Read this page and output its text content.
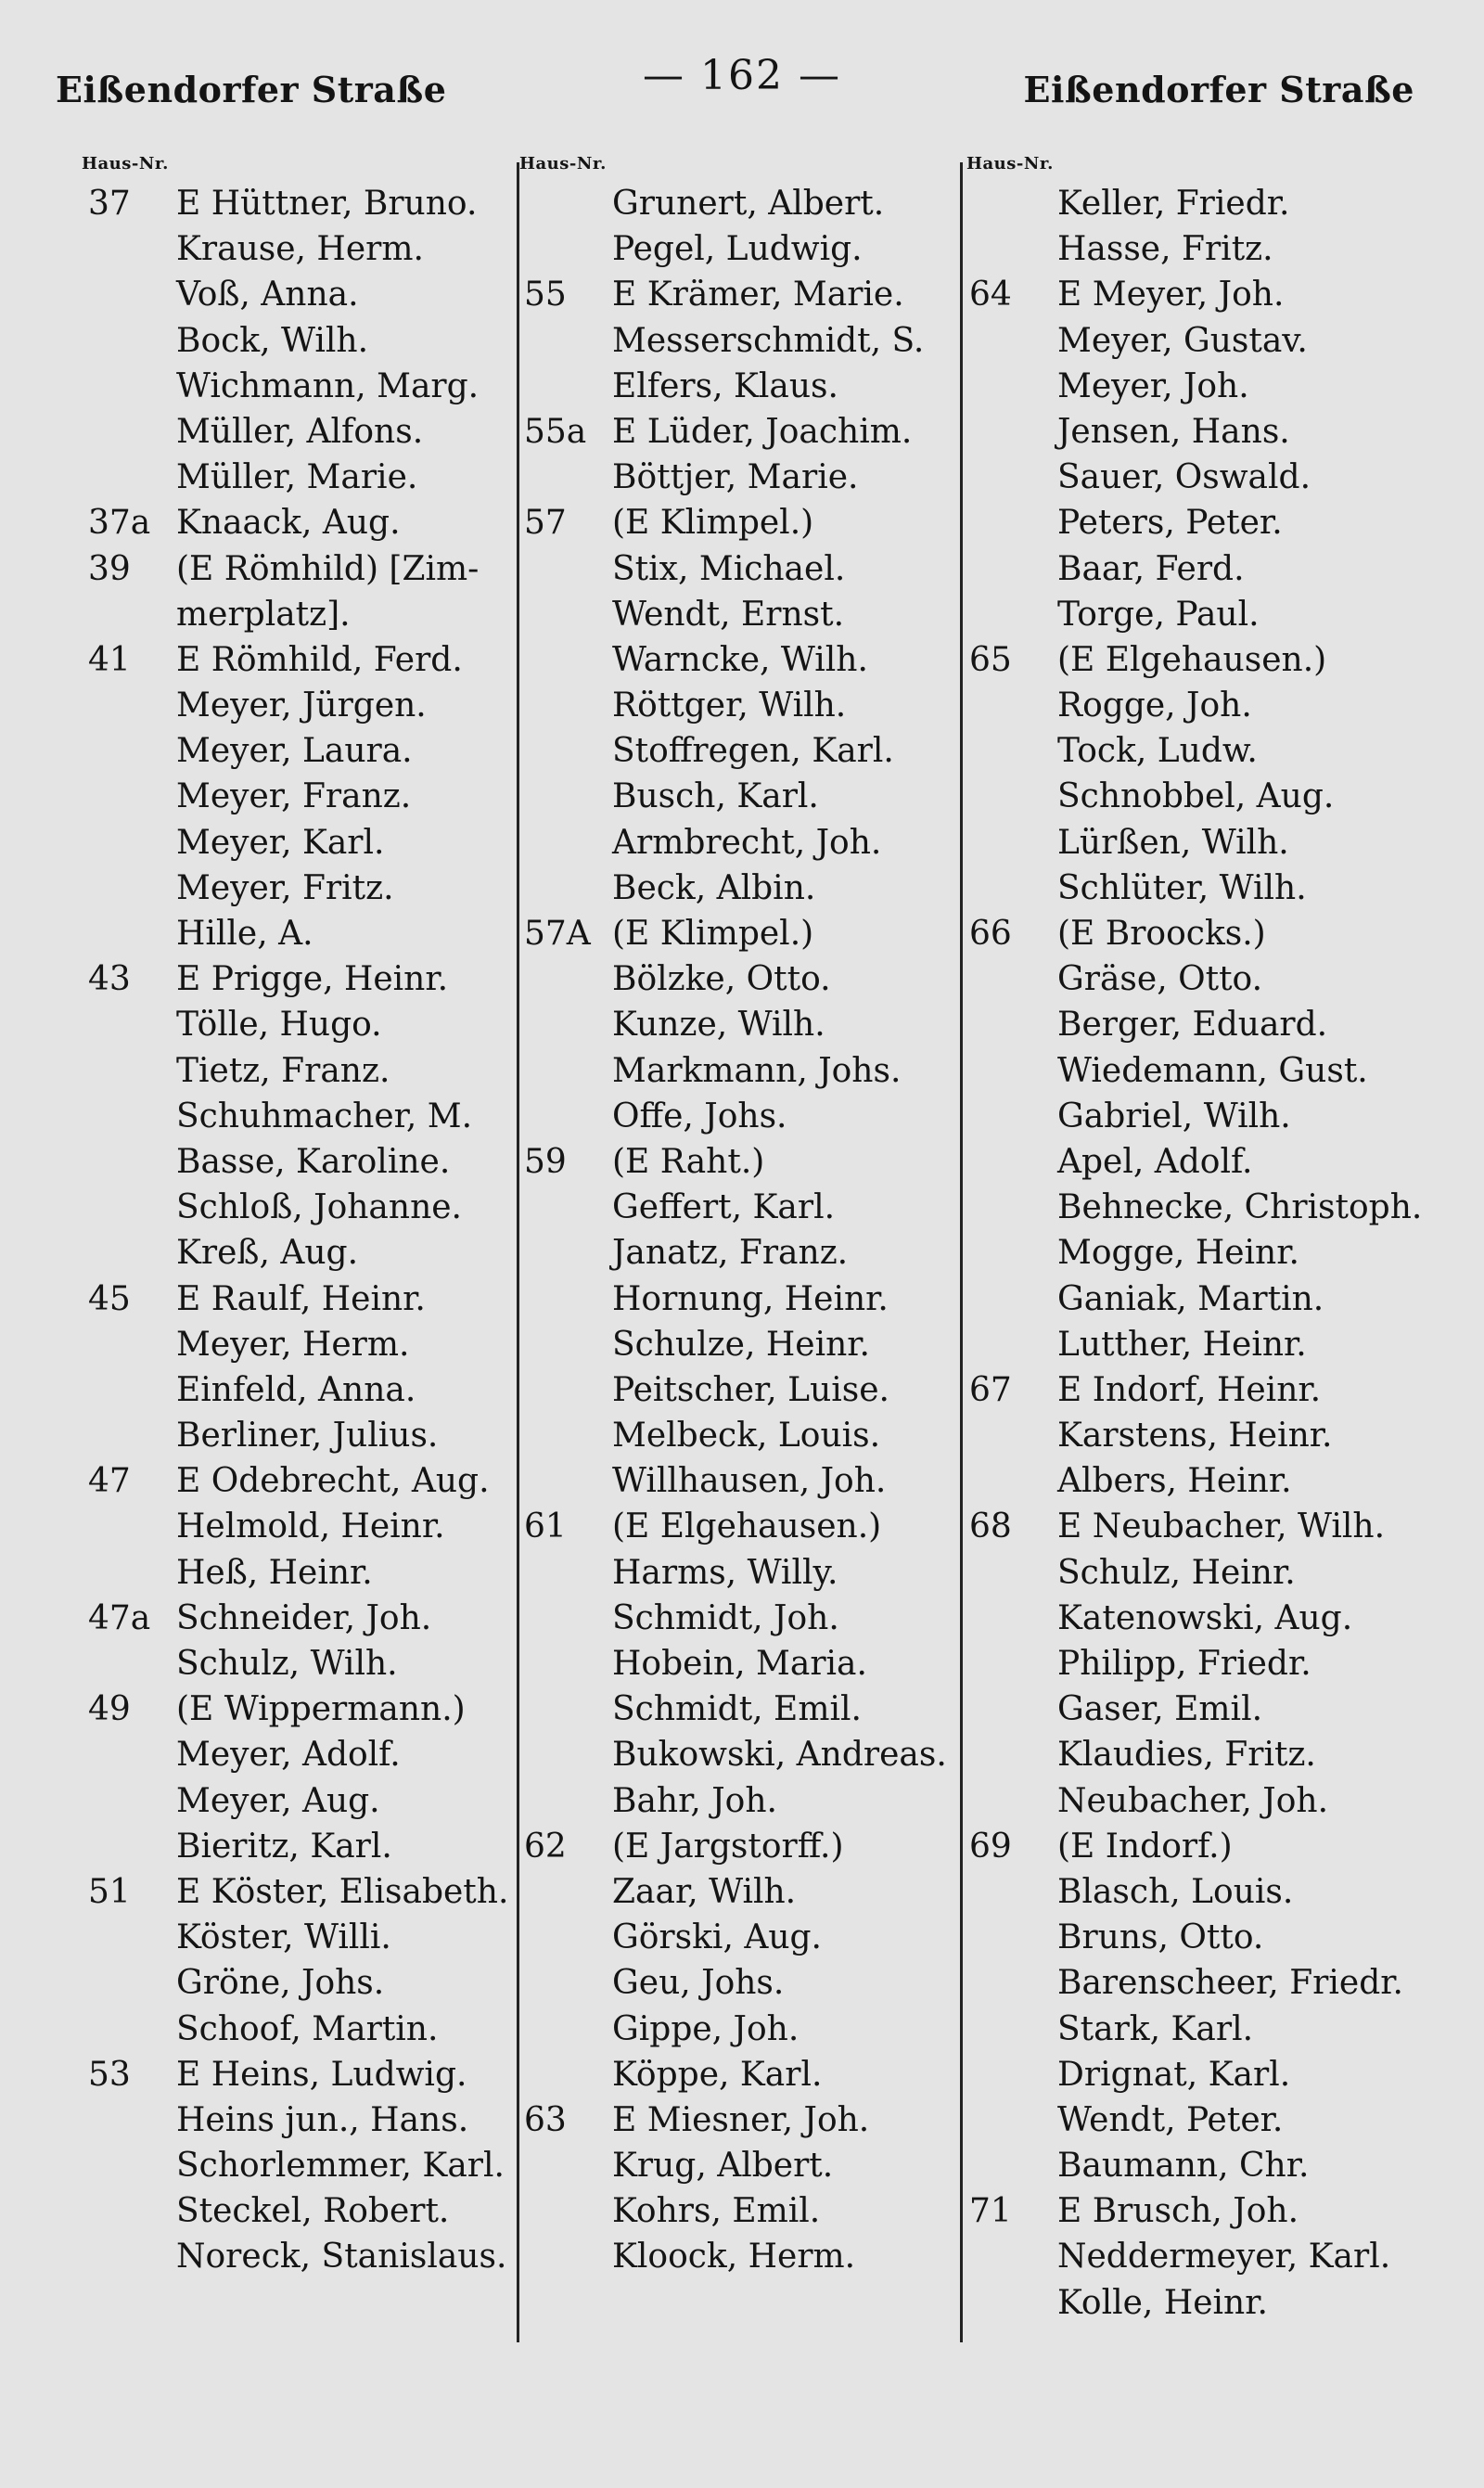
Eißendorfer Straße	— 162 —	Eißendorfer Straße
Haus-Nr.	Haus-Nr.	Haus-Nr.
37	E Hüttner, Bruno.
Krause, Herm.
Voß, Anna.
Bock, Wilh.
Wichmann, Marg.
Müller, Alfons.
Müller, Marie.
37a Knaack, Aug.
39	(E Römhild) [Zim-
merplatz].
41	E Römhild, Ferd.
Meyer, Jürgen.
Meyer, Laura.
Meyer, Franz.
Meyer, Karl.
Meyer, Fritz.
Hille, A.
43	E Prigge, Heinr.
Tölle, Hugo.
Tietz, Franz.
Schuhmacher, M.
Basse, Karoline.
Schloß, Johanne.
Kreß, Aug.
45	E Raulf, Heinr.
Meyer, Herm.
Einfeld, Anna.
Berliner, Julius.
47	E Odebrecht, Aug.
Helmold, Heinr.
Heß, Heinr.
47a Schneider, Joh.
Schulz, Wilh.
49	(E Wippermann.)
Meyer, Adolf.
Meyer, Aug.
Bieritz, Karl.
51	E Köster, Elisabeth.
Köster, Willi.
Gröne, Johs.
Schoof, Martin.
53	E Heins, Ludwig.
Heins jun., Hans.
Schorlemmer, Karl.
Steckel, Robert.
Noreck, Stanislaus.
Grunert, Albert.
Pegel, Ludwig.
55	E Krämer, Marie.
Messerschmidt, S.
Elfers, Klaus.
55a E Lüder, Joachim.
Böttjer, Marie.
57	(E Klimpel.)
Stix, Michael.
Wendt, Ernst.
Warncke, Wilh.
Röttger, Wilh.
Stoffregen, Karl.
Busch, Karl.
Armbrecht, Joh.
Beck, Albin.
57A (E Klimpel.)
Bölzke, Otto.
Kunze, Wilh.
Markmann, Johs.
Offe, Johs.
59	(E Raht.)
Geffert, Karl.
Janatz, Franz.
Hornung, Heinr.
Schulze, Heinr.
Peitscher, Luise.
Melbeck, Louis.
Willhausen, Joh.
61	(E Elgehausen.)
Harms, Willy.
Schmidt, Joh.
Hobein, Maria.
Schmidt, Emil.
Bukowski, Andreas.
Bahr, Joh.
62	(E Jargstorff.)
Zaar, Wilh.
Görski, Aug.
Geu, Johs.
Gippe, Joh.
Köppe, Karl.
63	E Miesner, Joh.
Krug, Albert.
Kohrs, Emil.
Kloock, Herm.
Keller, Friedr.
Hasse, Fritz.
64	E Meyer, Joh.
Meyer, Gustav.
Meyer, Joh.
Jensen, Hans.
Sauer, Oswald.
Peters, Peter.
Baar, Ferd.
Torge, Paul.
65	(E Elgehausen.)
Rogge, Joh.
Tock, Ludw.
Schnobbel, Aug.
Lürßen, Wilh.
Schlüter, Wilh.
66	(E Broocks.)
Gräse, Otto.
Berger, Eduard.
Wiedemann, Gust.
Gabriel, Wilh.
Apel, Adolf.
Behnecke, Christoph.
Mogge, Heinr.
Ganiak, Martin.
Lutther, Heinr.
67	E Indorf, Heinr.
Karstens, Heinr.
Albers, Heinr.
68	E Neubacher, Wilh.
Schulz, Heinr.
Katenowski, Aug.
Philipp, Friedr.
Gaser, Emil.
Klaudies, Fritz.
Neubacher, Joh.
69	(E Indorf.)
Blasch, Louis.
Bruns, Otto.
Barenscheer, Friedr.
Stark, Karl.
Drignat, Karl.
Wendt, Peter.
Baumann, Chr.
71	E Brusch, Joh.
Neddermeyer, Karl.
Kolle, Heinr.
